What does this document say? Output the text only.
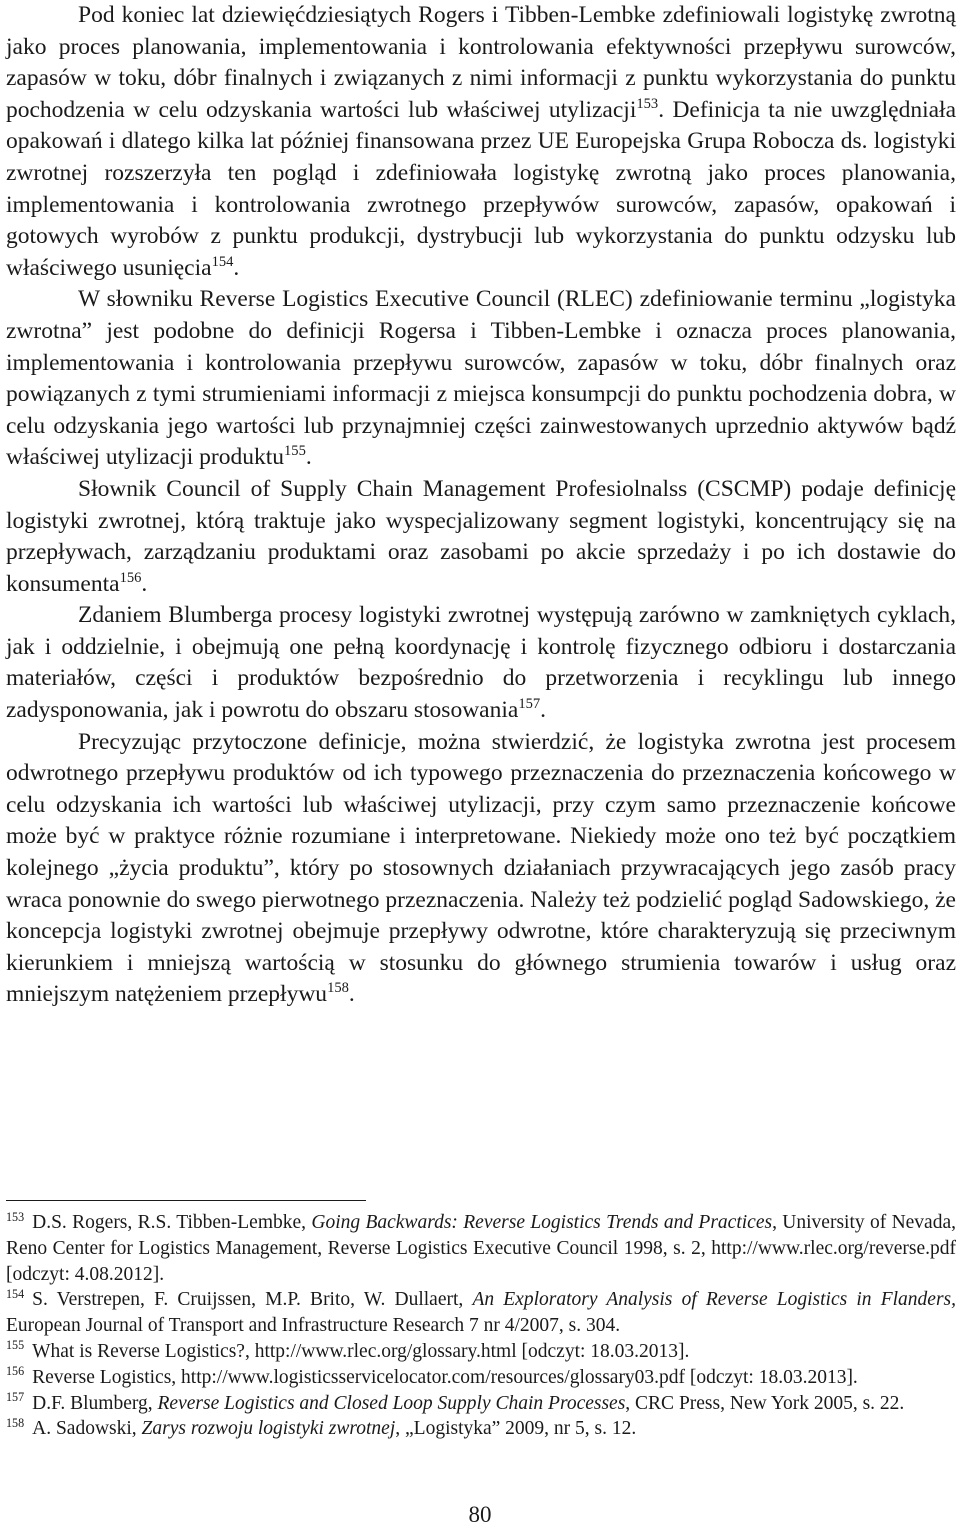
Pod koniec lat dziewięćdziesiątych Rogers i Tibben-Lembke zdefiniowali logistykę zwrotną jako proces planowania, implementowania i kontrolowania efektywności przepływu surowców, zapasów w toku, dóbr finalnych i związanych z nimi informacji z punktu wykorzystania do punktu pochodzenia w celu odzyskania wartości lub właściwej utylizacji$^{153}$. Definicja ta nie uwzględniała opakowań i dlatego kilka lat później finansowana przez UE Europejska Grupa Robocza ds. logistyki zwrotnej rozszerzyła ten pogląd i zdefiniowała logistykę zwrotną jako proces planowania, implementowania i kontrolowania zwrotnego przepływów surowców, zapasów, opakowań i gotowych wyrobów z punktu produkcji, dystrybucji lub wykorzystania do punktu odzysku lub właściwego usunięcia$^{154}$.

W słowniku Reverse Logistics Executive Council (RLEC) zdefiniowanie terminu „logistyka zwrotna” jest podobne do definicji Rogersa i Tibben-Lembke i oznacza proces planowania, implementowania i kontrolowania przepływu surowców, zapasów w toku, dóbr finalnych oraz powiązanych z tymi strumieniami informacji z miejsca konsumpcji do punktu pochodzenia dobra, w celu odzyskania jego wartości lub przynajmniej części zainwestowanych uprzednio aktywów bądź właściwej utylizacji produktu$^{155}$.

Słownik Council of Supply Chain Management Profesiolnalss (CSCMP) podaje definicję logistyki zwrotnej, którą traktuje jako wyspecjalizowany segment logistyki, koncentrujący się na przepływach, zarządzaniu produktami oraz zasobami po akcie sprzedaży i po ich dostawie do konsumenta$^{156}$.

Zdaniem Blumberga procesy logistyki zwrotnej występują zarówno w zamkniętych cyklach, jak i oddzielnie, i obejmują one pełną koordynację i kontrolę fizycznego odbioru i dostarczania materiałów, części i produktów bezpośrednio do przetworzenia i recyklingu lub innego zadysponowania, jak i powrotu do obszaru stosowania$^{157}$.

Precyzując przytoczone definicje, można stwierdzić, że logistyka zwrotna jest procesem odwrotnego przepływu produktów od ich typowego przeznaczenia do przeznaczenia końcowego w celu odzyskania ich wartości lub właściwej utylizacji, przy czym samo przeznaczenie końcowe może być w praktyce różnie rozumiane i interpretowane. Niekiedy może ono też być początkiem kolejnego „życia produktu”, który po stosownych działaniach przywracających jego zasób pracy wraca ponownie do swego pierwotnego przeznaczenia. Należy też podzielić pogląd Sadowskiego, że koncepcja logistyki zwrotnej obejmuje przepływy odwrotne, które charakteryzują się przeciwnym kierunkiem i mniejszą wartością w stosunku do głównego strumienia towarów i usług oraz mniejszym natężeniem przepływu$^{158}$.

$^{153}$ D.S. Rogers, R.S. Tibben-Lembke, Going Backwards: Reverse Logistics Trends and Practices, University of Nevada, Reno Center for Logistics Management, Reverse Logistics Executive Council 1998, s. 2, http://www.rlec.org/reverse.pdf [odczyt: 4.08.2012].

$^{154}$ S. Verstrepen, F. Cruijssen, M.P. Brito, W. Dullaert, An Exploratory Analysis of Reverse Logistics in Flanders, European Journal of Transport and Infrastructure Research 7 nr 4/2007, s. 304.

$^{155}$ What is Reverse Logistics?, http://www.rlec.org/glossary.html [odczyt: 18.03.2013].

$^{156}$ Reverse Logistics, http://www.logisticsservicelocator.com/resources/glossary03.pdf [odczyt: 18.03.2013].

$^{157}$ D.F. Blumberg, Reverse Logistics and Closed Loop Supply Chain Processes, CRC Press, New York 2005, s. 22.

$^{158}$ A. Sadowski, Zarys rozwoju logistyki zwrotnej, „Logistyka” 2009, nr 5, s. 12.

80
